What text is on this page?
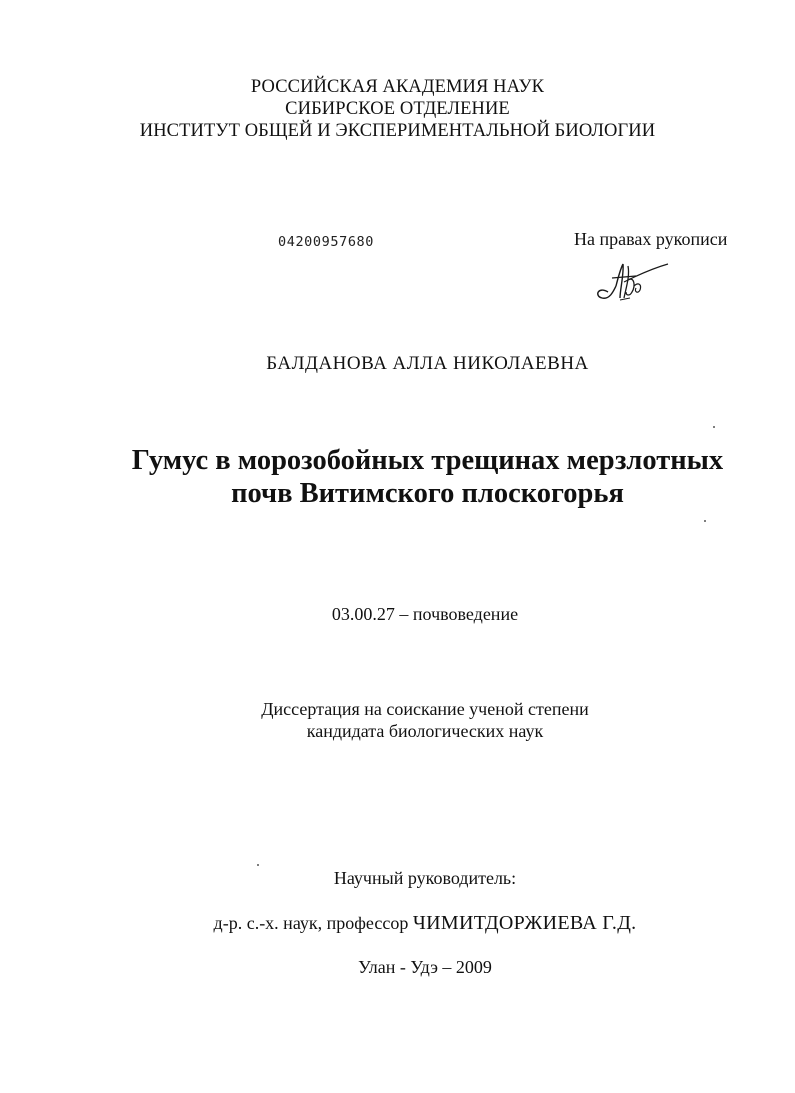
РОССИЙСКАЯ АКАДЕМИЯ НАУК
СИБИРСКОЕ ОТДЕЛЕНИЕ
ИНСТИТУТ ОБЩЕЙ И ЭКСПЕРИМЕНТАЛЬНОЙ БИОЛОГИИ
04200957680	На правах рукописи
БАЛДАНОВА АЛЛА НИКОЛАЕВНА
Гумус в морозобойных трещинах мерзлотных
почв Витимского плоскогорья
03.00.27 – почвоведение
Диссертация на соискание ученой степени
кандидата биологических наук
Научный руководитель:
д-р. с.-х. наук, профессор ЧИМИТДОРЖИЕВА Г.Д.
Улан - Удэ – 2009
